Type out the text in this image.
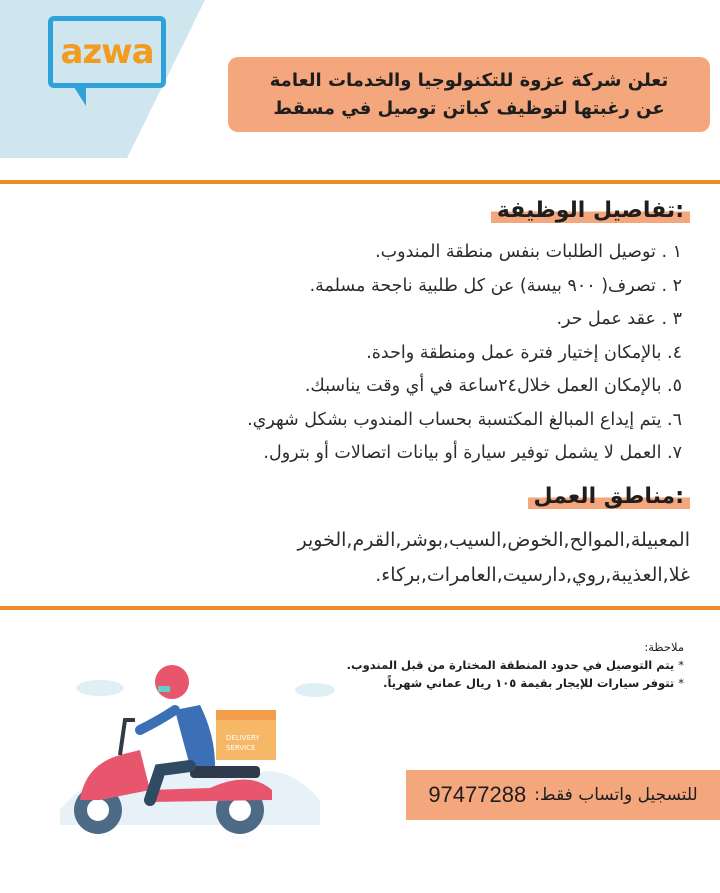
azwa
تعلن شركة عزوة للتكنولوجيا والخدمات العامة
عن رغبتها لتوظيف كباتن توصيل في مسقط
تفاصيل الوظيفة:
١ . توصيل الطلبات بنفس منطقة المندوب.
٢ . تصرف( ٩٠٠ بيسة) عن كل طلبية ناجحة مسلمة.
٣ . عقد عمل حر.
٤. بالإمكان إختيار فترة عمل ومنطقة واحدة.
٥. بالإمكان العمل خلال٢٤ساعة في أي وقت يناسبك.
٦. يتم إيداع المبالغ المكتسبة بحساب المندوب بشكل شهري.
٧. العمل لا يشمل توفير سيارة أو بيانات اتصالات أو بترول.
مناطق العمل:
المعبيلة,الموالح,الخوض,السيب,بوشر,القرم,الخوير
غلا,العذيبة,روي,دارسيت,العامرات,بركاء.
ملاحظة:
*يتم التوصيل في حدود المنطقة المختارة من قبل المندوب.
*تتوفر سيارات للإيجار بقيمة ١٠٥ ريال عماني شهرياً.
DELIVERY
SERVICE
للتسجيل واتساب فقط:
97477288
